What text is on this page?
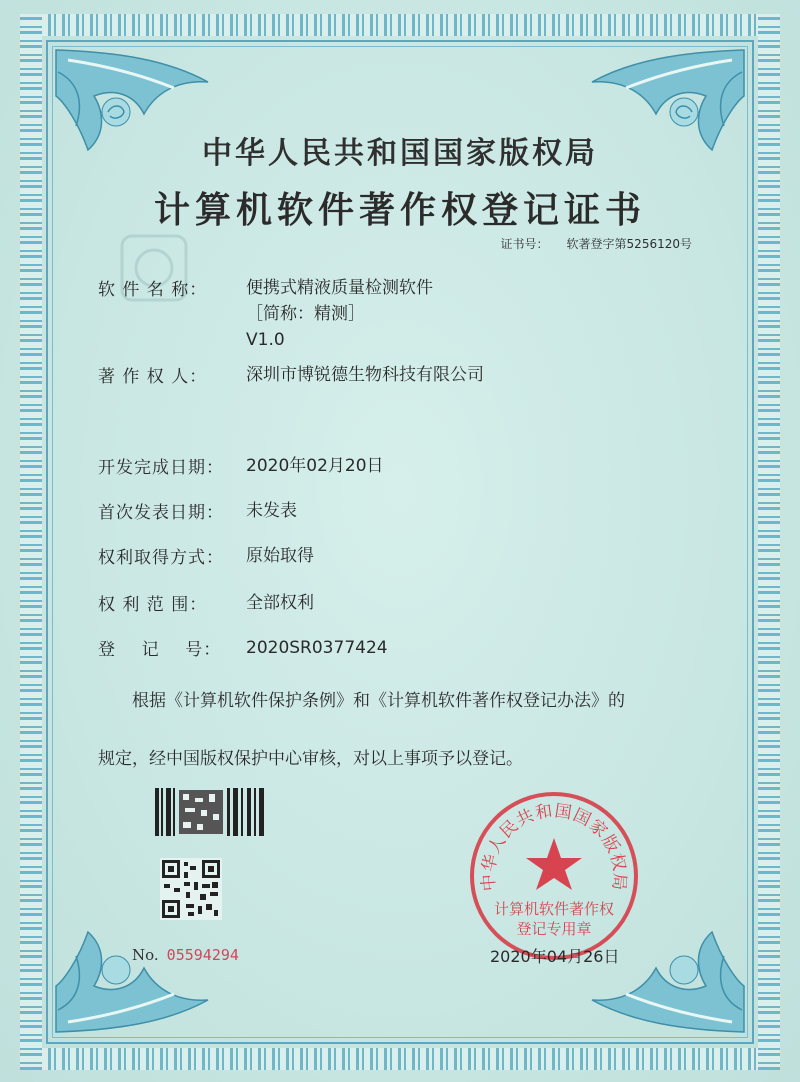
中华人民共和国国家版权局
计算机软件著作权登记证书
证书号： 软著登字第5256120号
软 件 名 称： 便携式精液质量检测软件
［简称：精测］
V1.0
著 作 权 人： 深圳市博锐德生物科技有限公司
开发完成日期： 2020年02月20日
首次发表日期： 未发表
权利取得方式： 原始取得
权 利 范 围： 全部权利
登    记    号： 2020SR0377424
根据《计算机软件保护条例》和《计算机软件著作权登记办法》的
规定，经中国版权保护中心审核，对以上事项予以登记。
No. 05594294
中华人民共和国国家版权局
计算机软件著作权
登记专用章
2020年04月26日
